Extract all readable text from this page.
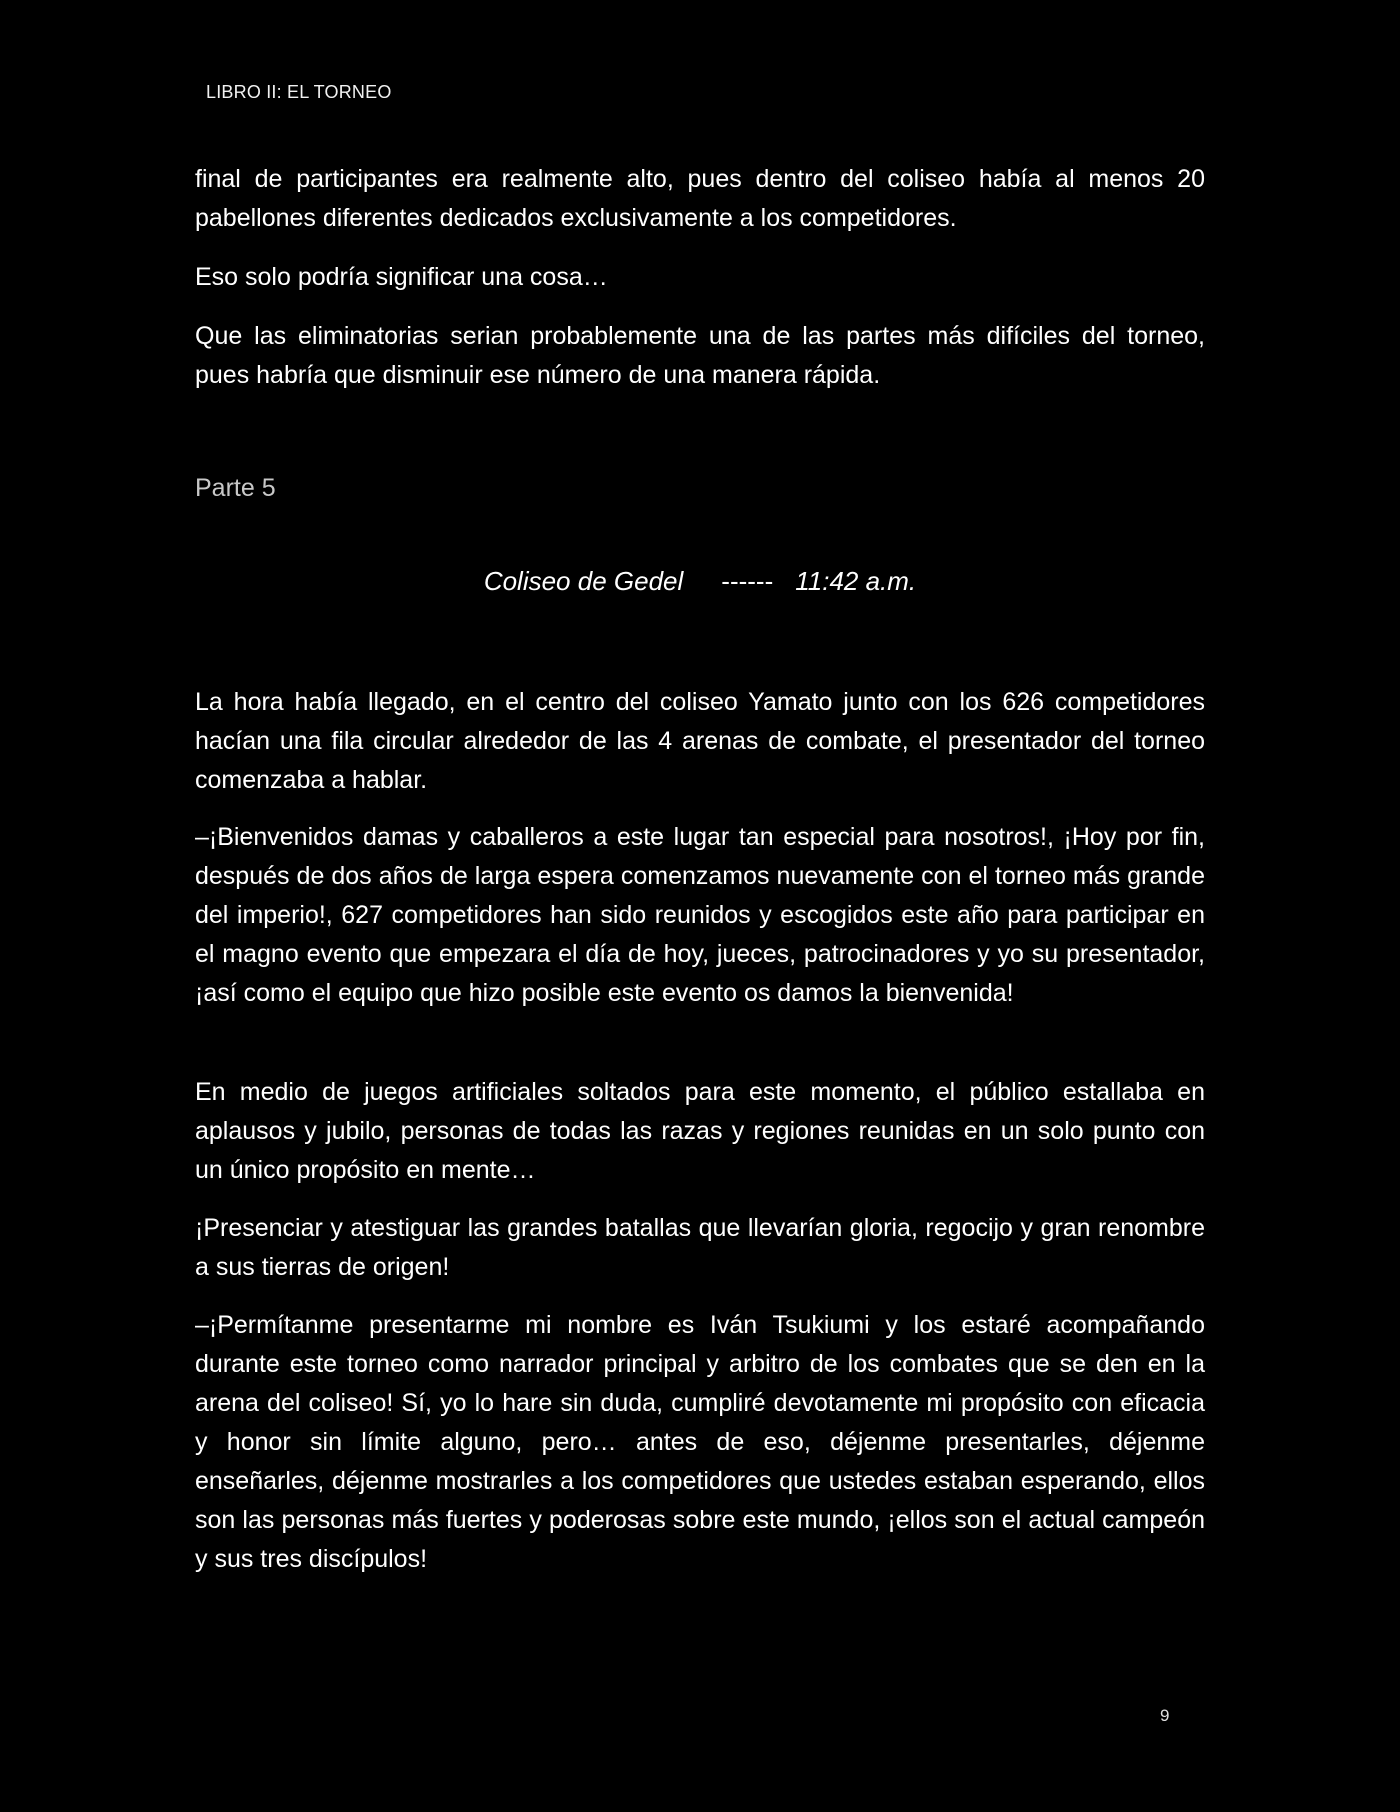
LIBRO II: EL TORNEO

final de participantes era realmente alto, pues dentro del coliseo había al menos 20 pabellones diferentes dedicados exclusivamente a los competidores.

Eso solo podría significar una cosa…

Que las eliminatorias serian probablemente una de las partes más difíciles del torneo, pues habría que disminuir ese número de una manera rápida.

Parte 5
Coliseo de Gedel ------ 11:42 a.m.

La hora había llegado, en el centro del coliseo Yamato junto con los 626 competidores hacían una fila circular alrededor de las 4 arenas de combate, el presentador del torneo comenzaba a hablar.

–¡Bienvenidos damas y caballeros a este lugar tan especial para nosotros!, ¡Hoy por fin, después de dos años de larga espera comenzamos nuevamente con el torneo más grande del imperio!, 627 competidores han sido reunidos y escogidos este año para participar en el magno evento que empezara el día de hoy, jueces, patrocinadores y yo su presentador, ¡así como el equipo que hizo posible este evento os damos la bienvenida!

En medio de juegos artificiales soltados para este momento, el público estallaba en aplausos y jubilo, personas de todas las razas y regiones reunidas en un solo punto con un único propósito en mente…

¡Presenciar y atestiguar las grandes batallas que llevarían gloria, regocijo y gran renombre a sus tierras de origen!

–¡Permítanme presentarme mi nombre es Iván Tsukiumi y los estaré acompañando durante este torneo como narrador principal y arbitro de los combates que se den en la arena del coliseo! Sí, yo lo hare sin duda, cumpliré devotamente mi propósito con eficacia y honor sin límite alguno, pero… antes de eso, déjenme presentarles, déjenme enseñarles, déjenme mostrarles a los competidores que ustedes estaban esperando, ellos son las personas más fuertes y poderosas sobre este mundo, ¡ellos son el actual campeón y sus tres discípulos!

9
